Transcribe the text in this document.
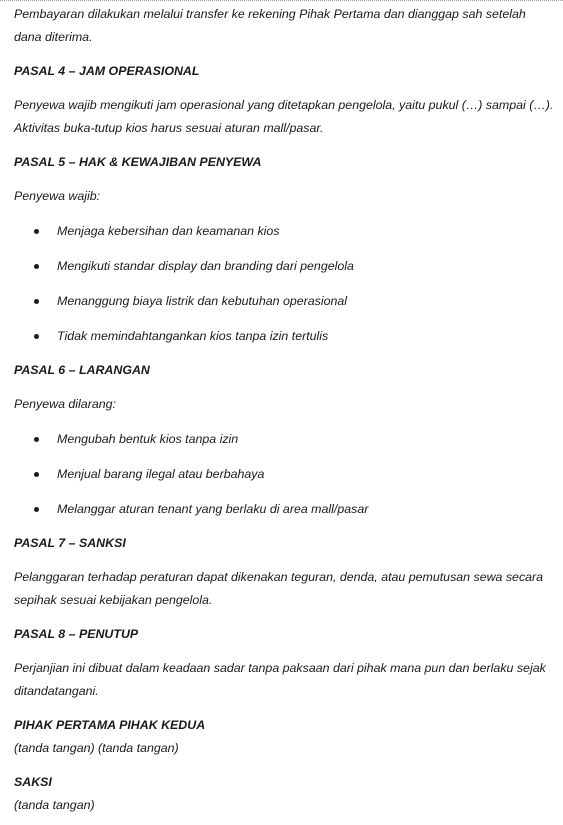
Pembayaran dilakukan melalui transfer ke rekening Pihak Pertama dan dianggap sah setelah dana diterima.

PASAL 4 – JAM OPERASIONAL

Penyewa wajib mengikuti jam operasional yang ditetapkan pengelola, yaitu pukul (…) sampai (…). Aktivitas buka-tutup kios harus sesuai aturan mall/pasar.

PASAL 5 – HAK & KEWAJIBAN PENYEWA

Penyewa wajib:

Menjaga kebersihan dan keamanan kios
Mengikuti standar display dan branding dari pengelola
Menanggung biaya listrik dan kebutuhan operasional
Tidak memindahtangankan kios tanpa izin tertulis

PASAL 6 – LARANGAN

Penyewa dilarang:

Mengubah bentuk kios tanpa izin
Menjual barang ilegal atau berbahaya
Melanggar aturan tenant yang berlaku di area mall/pasar

PASAL 7 – SANKSI

Pelanggaran terhadap peraturan dapat dikenakan teguran, denda, atau pemutusan sewa secara sepihak sesuai kebijakan pengelola.

PASAL 8 – PENUTUP

Perjanjian ini dibuat dalam keadaan sadar tanpa paksaan dari pihak mana pun dan berlaku sejak ditandatangani.

PIHAK PERTAMA PIHAK KEDUA

(tanda tangan) (tanda tangan)

SAKSI

(tanda tangan)
